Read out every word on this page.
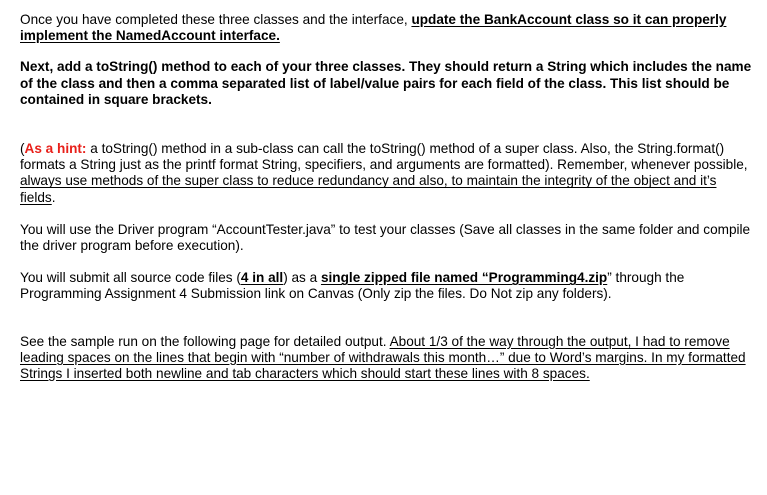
Once you have completed these three classes and the interface, update the BankAccount class so it can properly implement the NamedAccount interface.

Next, add a toString() method to each of your three classes. They should return a String which includes the name of the class and then a comma separated list of label/value pairs for each field of the class. This list should be contained in square brackets.

(As a hint: a toString() method in a sub-class can call the toString() method of a super class. Also, the String.format() formats a String just as the printf format String, specifiers, and arguments are formatted). Remember, whenever possible, always use methods of the super class to reduce redundancy and also, to maintain the integrity of the object and it’s fields.

You will use the Driver program “AccountTester.java” to test your classes (Save all classes in the same folder and compile the driver program before execution).

You will submit all source code files (4 in all) as a single zipped file named “Programming4.zip” through the Programming Assignment 4 Submission link on Canvas (Only zip the files. Do Not zip any folders).

See the sample run on the following page for detailed output. About 1/3 of the way through the output, I had to remove leading spaces on the lines that begin with “number of withdrawals this month…” due to Word’s margins. In my formatted Strings I inserted both newline and tab characters which should start these lines with 8 spaces.
